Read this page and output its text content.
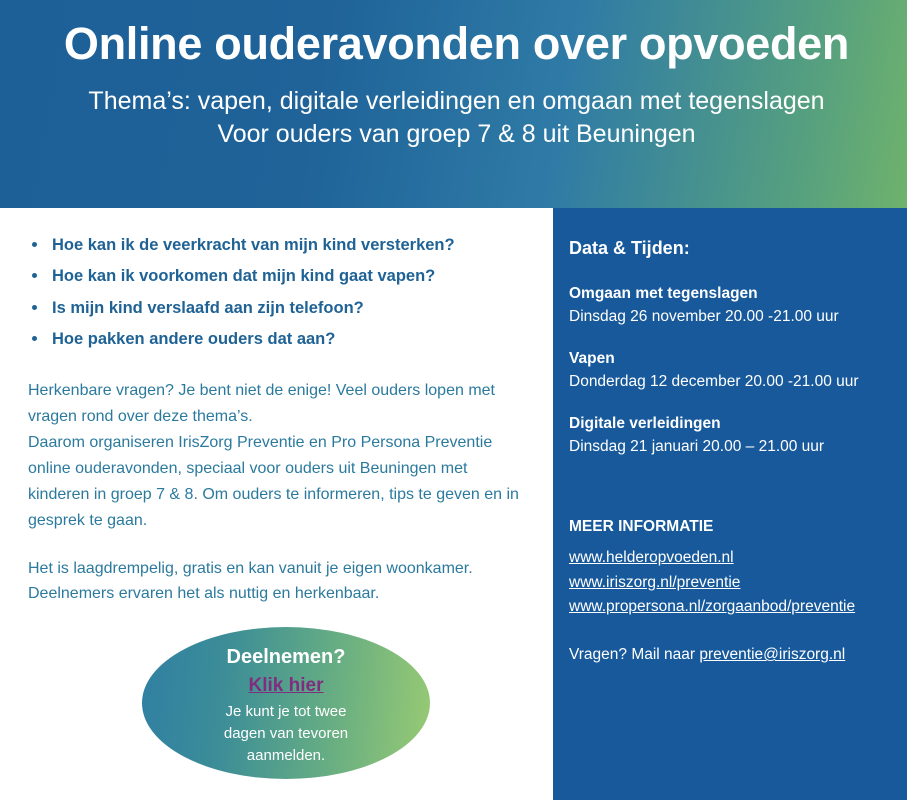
Online ouderavonden over opvoeden
Thema’s: vapen, digitale verleidingen en omgaan met tegenslagen
Voor ouders van groep 7 & 8 uit Beuningen
Hoe kan ik de veerkracht van mijn kind versterken?
Hoe kan ik voorkomen dat mijn kind gaat vapen?
Is mijn kind verslaafd aan zijn telefoon?
Hoe pakken andere ouders dat aan?

Herkenbare vragen? Je bent niet de enige! Veel ouders lopen met vragen rond over deze thema’s.

Daarom organiseren IrisZorg Preventie en Pro Persona Preventie online ouderavonden, speciaal voor ouders uit Beuningen met kinderen in groep 7 & 8. Om ouders te informeren, tips te geven en in gesprek te gaan.

Het is laagdrempelig, gratis en kan vanuit je eigen woonkamer. Deelnemers ervaren het als nuttig en herkenbaar.

Deelnemen?
Klik hier
Je kunt je tot twee
dagen van tevoren
aanmelden.
Data & Tijden:
Omgaan met tegenslagen
Dinsdag 26 november 20.00 -21.00 uur
Vapen
Donderdag 12 december 20.00 -21.00 uur
Digitale verleidingen
Dinsdag 21 januari 20.00 – 21.00 uur
MEER INFORMATIE
www.helderopvoeden.nl
www.iriszorg.nl/preventie
www.propersona.nl/zorgaanbod/preventie
Vragen? Mail naar preventie@iriszorg.nl
